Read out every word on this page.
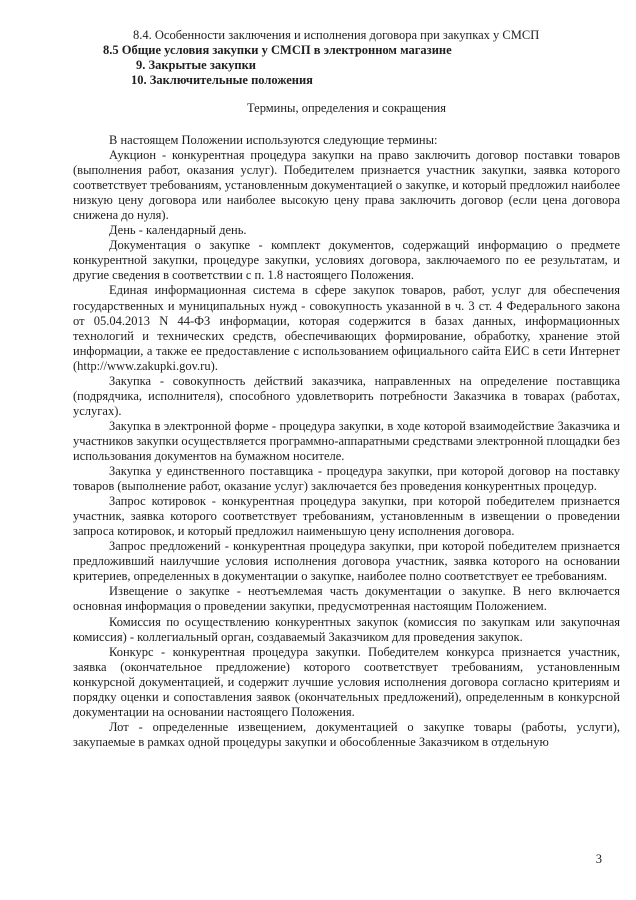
8.4. Особенности заключения и исполнения договора при закупках у СМСП
8.5 Общие условия закупки у СМСП в электронном магазине
9. Закрытые закупки
10. Заключительные положения
Термины, определения и сокращения

В настоящем Положении используются следующие термины:

Аукцион - конкурентная процедура закупки на право заключить договор поставки товаров (выполнения работ, оказания услуг). Победителем признается участник закупки, заявка которого соответствует требованиям, установленным документацией о закупке, и который предложил наиболее низкую цену договора или наиболее высокую цену права заключить договор (если цена договора снижена до нуля).

День - календарный день.

Документация о закупке - комплект документов, содержащий информацию о предмете конкурентной закупки, процедуре закупки, условиях договора, заключаемого по ее результатам, и другие сведения в соответствии с п. 1.8 настоящего Положения.

Единая информационная система в сфере закупок товаров, работ, услуг для обеспечения государственных и муниципальных нужд - совокупность указанной в ч. 3 ст. 4 Федерального закона от 05.04.2013 N 44-ФЗ информации, которая содержится в базах данных, информационных технологий и технических средств, обеспечивающих формирование, обработку, хранение этой информации, а также ее предоставление с использованием официального сайта ЕИС в сети Интернет (http://www.zakupki.gov.ru).

Закупка - совокупность действий заказчика, направленных на определение поставщика (подрядчика, исполнителя), способного удовлетворить потребности Заказчика в товарах (работах, услугах).

Закупка в электронной форме - процедура закупки, в ходе которой взаимодействие Заказчика и участников закупки осуществляется программно-аппаратными средствами электронной площадки без использования документов на бумажном носителе.

Закупка у единственного поставщика - процедура закупки, при которой договор на поставку товаров (выполнение работ, оказание услуг) заключается без проведения конкурентных процедур.

Запрос котировок - конкурентная процедура закупки, при которой победителем признается участник, заявка которого соответствует требованиям, установленным в извещении о проведении запроса котировок, и который предложил наименьшую цену исполнения договора.

Запрос предложений - конкурентная процедура закупки, при которой победителем признается предложивший наилучшие условия исполнения договора участник, заявка которого на основании критериев, определенных в документации о закупке, наиболее полно соответствует ее требованиям.

Извещение о закупке - неотъемлемая часть документации о закупке. В него включается основная информация о проведении закупки, предусмотренная настоящим Положением.

Комиссия по осуществлению конкурентных закупок (комиссия по закупкам или закупочная комиссия) - коллегиальный орган, создаваемый Заказчиком для проведения закупок.

Конкурс - конкурентная процедура закупки. Победителем конкурса признается участник, заявка (окончательное предложение) которого соответствует требованиям, установленным конкурсной документацией, и содержит лучшие условия исполнения договора согласно критериям и порядку оценки и сопоставления заявок (окончательных предложений), определенным в конкурсной документации на основании настоящего Положения.

Лот - определенные извещением, документацией о закупке товары (работы, услуги), закупаемые в рамках одной процедуры закупки и обособленные Заказчиком в отдельную

3
